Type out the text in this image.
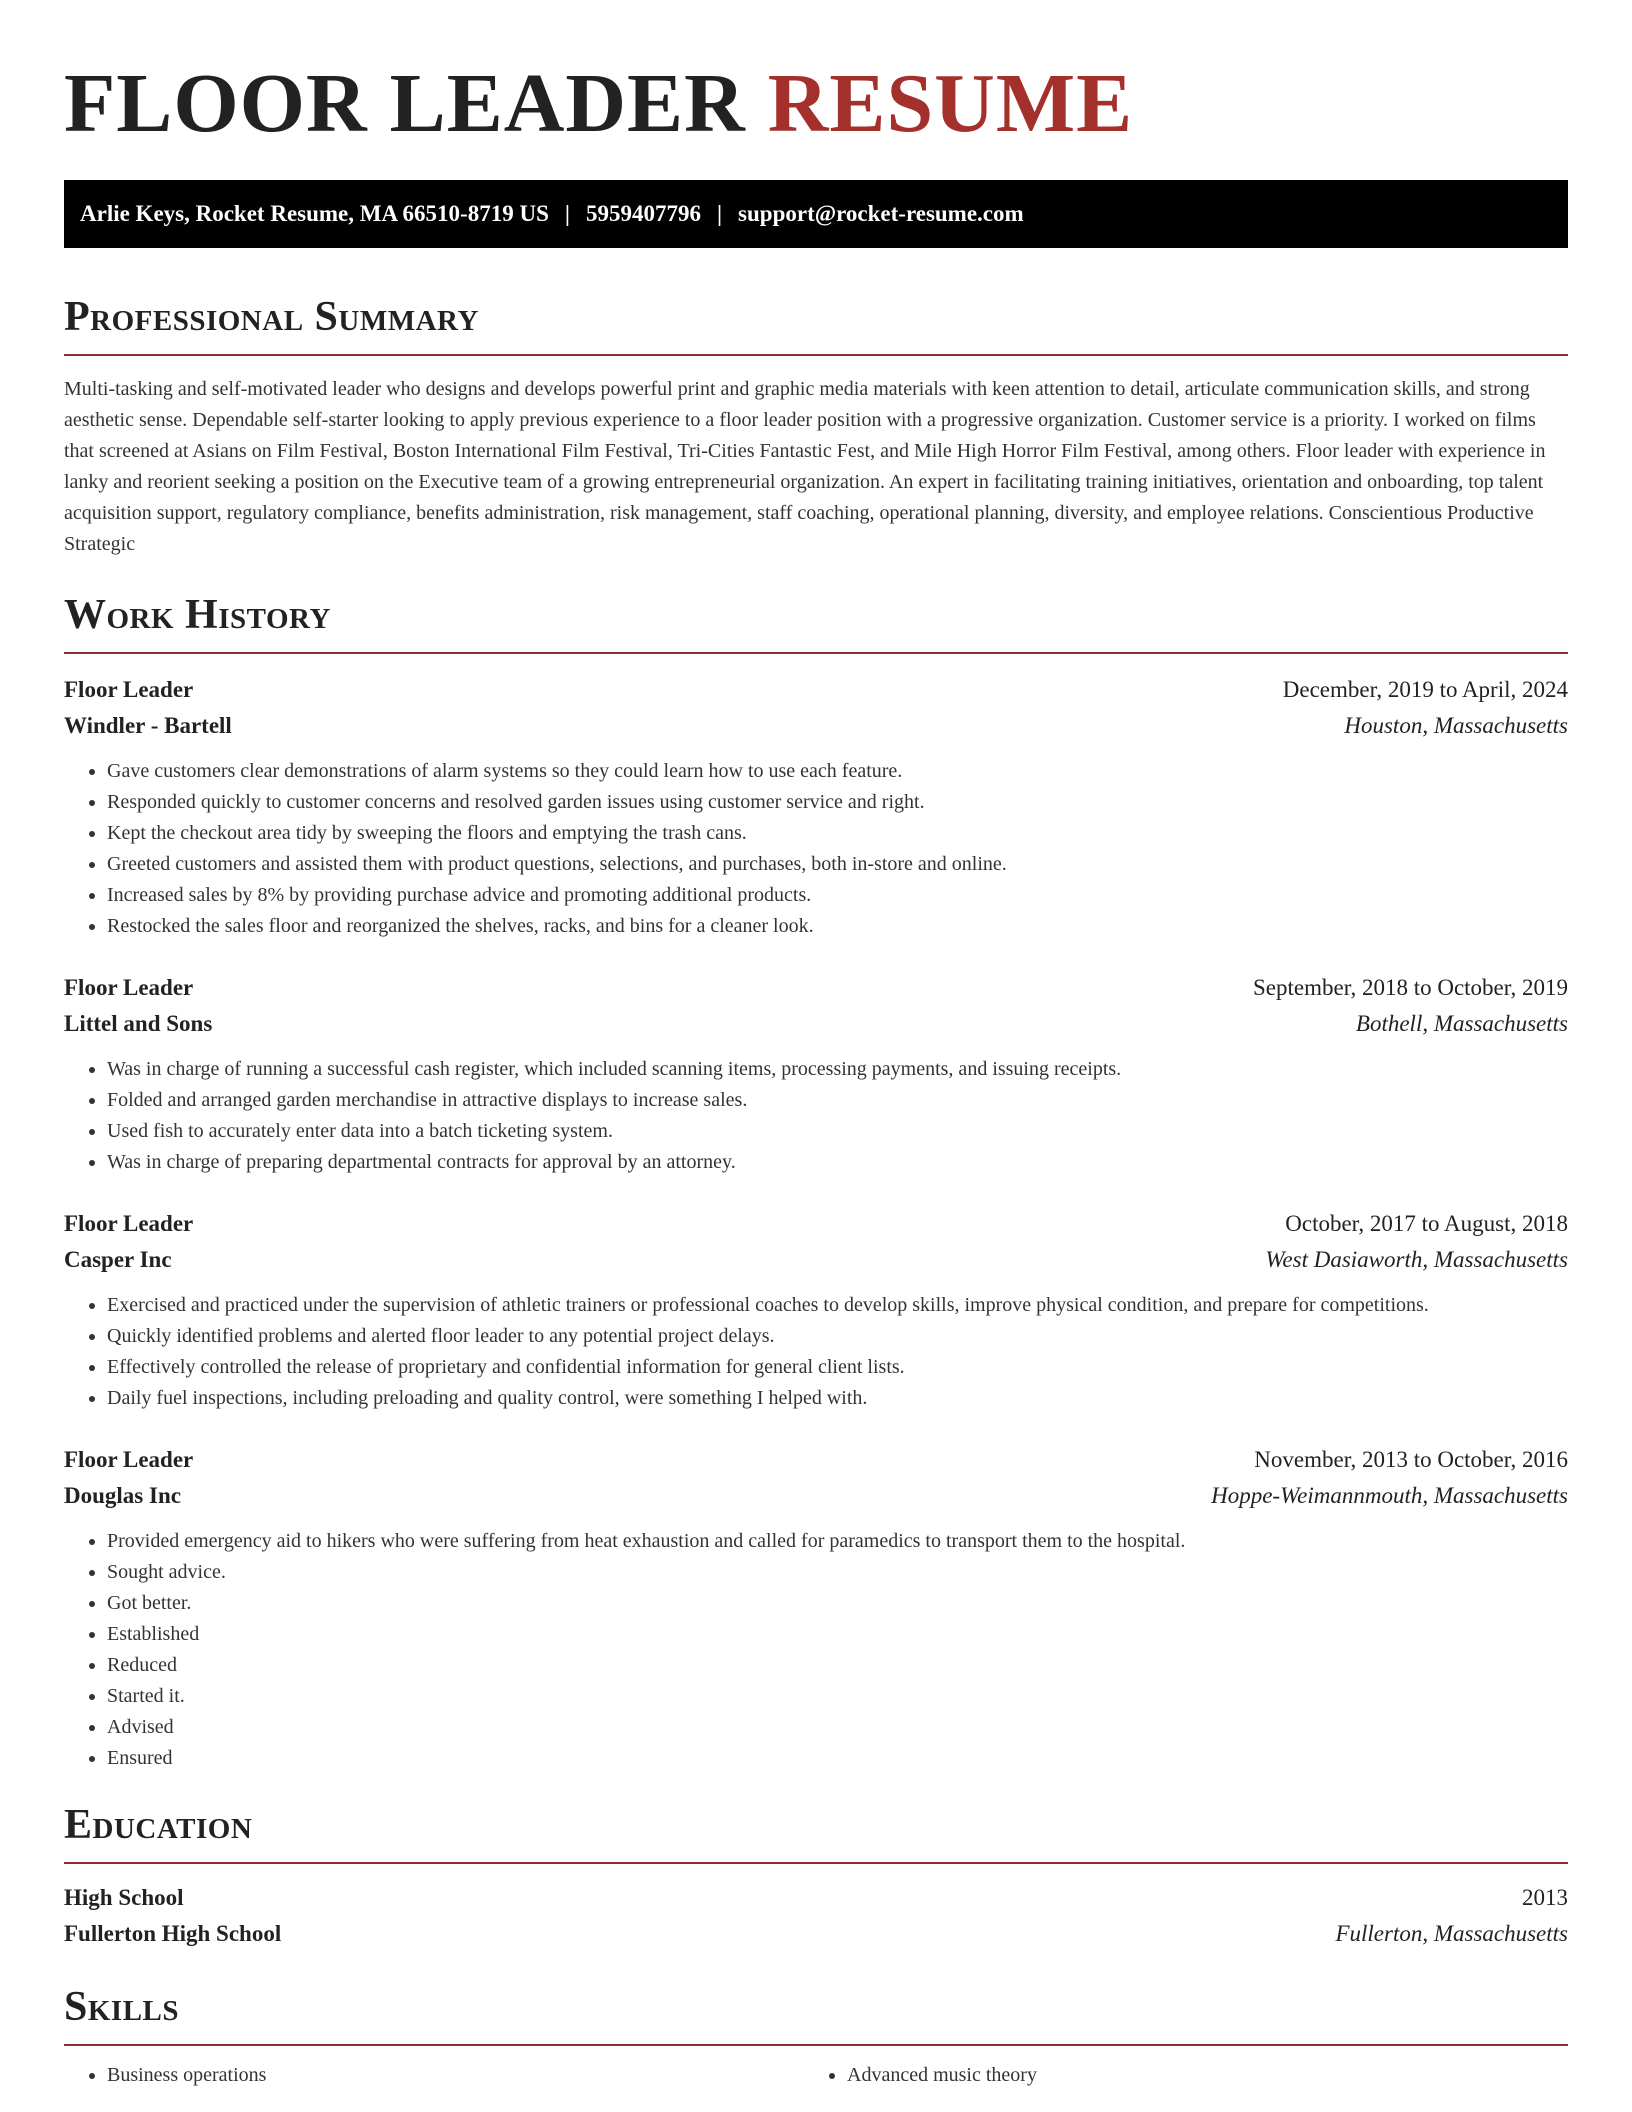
FLOOR LEADER RESUME
Arlie Keys, Rocket Resume, MA 66510-8719 US | 5959407796 | support@rocket-resume.com
Professional Summary

Multi-tasking and self-motivated leader who designs and develops powerful print and graphic media materials with keen attention to detail, articulate communication skills, and strong aesthetic sense. Dependable self-starter looking to apply previous experience to a floor leader position with a progressive organization. Customer service is a priority. I worked on films that screened at Asians on Film Festival, Boston International Film Festival, Tri-Cities Fantastic Fest, and Mile High Horror Film Festival, among others. Floor leader with experience in lanky and reorient seeking a position on the Executive team of a growing entrepreneurial organization. An expert in facilitating training initiatives, orientation and onboarding, top talent acquisition support, regulatory compliance, benefits administration, risk management, staff coaching, operational planning, diversity, and employee relations. Conscientious Productive Strategic

Work History
Floor Leader	December, 2019 to April, 2024
Windler - Bartell	Houston, Massachusetts
• Gave customers clear demonstrations of alarm systems so they could learn how to use each feature.
• Responded quickly to customer concerns and resolved garden issues using customer service and right.
• Kept the checkout area tidy by sweeping the floors and emptying the trash cans.
• Greeted customers and assisted them with product questions, selections, and purchases, both in-store and online.
• Increased sales by 8% by providing purchase advice and promoting additional products.
• Restocked the sales floor and reorganized the shelves, racks, and bins for a cleaner look.
Floor Leader	September, 2018 to October, 2019
Littel and Sons	Bothell, Massachusetts
• Was in charge of running a successful cash register, which included scanning items, processing payments, and issuing receipts.
• Folded and arranged garden merchandise in attractive displays to increase sales.
• Used fish to accurately enter data into a batch ticketing system.
• Was in charge of preparing departmental contracts for approval by an attorney.
Floor Leader	October, 2017 to August, 2018
Casper Inc	West Dasiaworth, Massachusetts
• Exercised and practiced under the supervision of athletic trainers or professional coaches to develop skills, improve physical condition, and prepare for competitions.
• Quickly identified problems and alerted floor leader to any potential project delays.
• Effectively controlled the release of proprietary and confidential information for general client lists.
• Daily fuel inspections, including preloading and quality control, were something I helped with.
Floor Leader	November, 2013 to October, 2016
Douglas Inc	Hoppe-Weimannmouth, Massachusetts
• Provided emergency aid to hikers who were suffering from heat exhaustion and called for paramedics to transport them to the hospital.
• Sought advice.
• Got better.
• Established
• Reduced
• Started it.
• Advised
• Ensured
Education
High School	2013
Fullerton High School	Fullerton, Massachusetts
Skills
• Business operations
•	Advanced music theory
